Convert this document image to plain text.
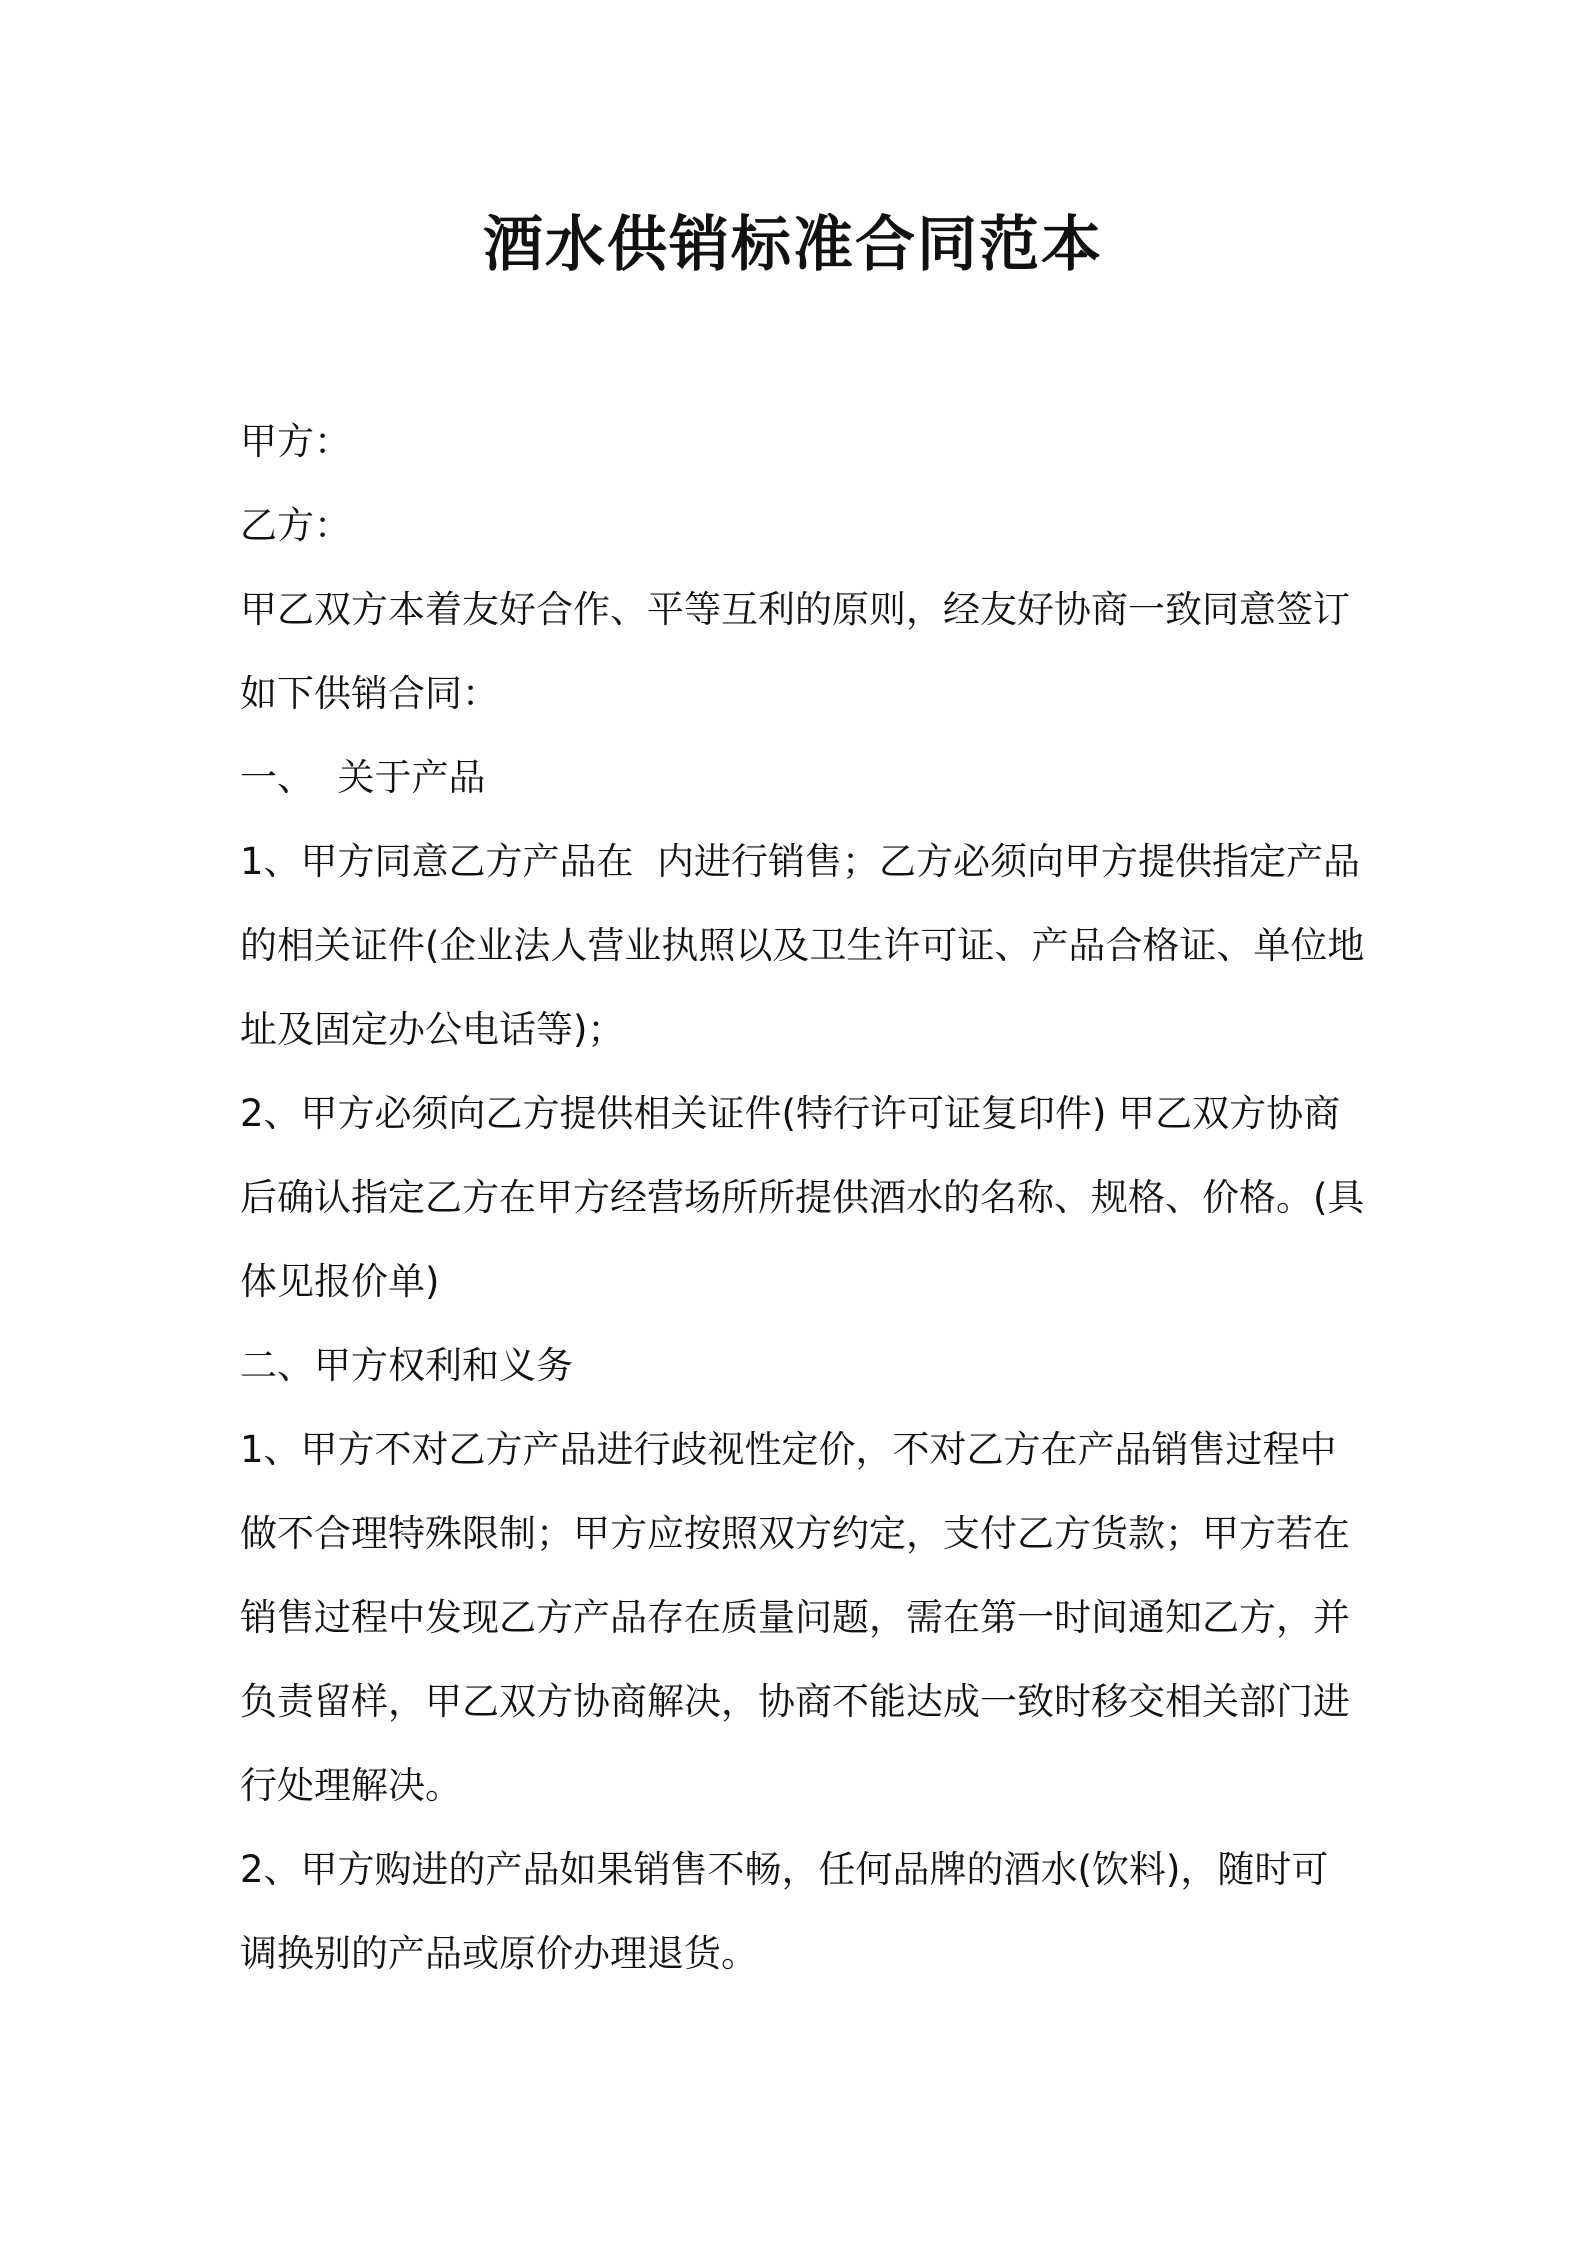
酒水供销标准合同范本

甲方：

乙方：

甲乙双方本着友好合作、平等互利的原则，经友好协商一致同意签订如下供销合同：

一、  关于产品

1、甲方同意乙方产品在  内进行销售；乙方必须向甲方提供指定产品的相关证件(企业法人营业执照以及卫生许可证、产品合格证、单位地址及固定办公电话等)；

2、甲方必须向乙方提供相关证件(特行许可证复印件) 甲乙双方协商后确认指定乙方在甲方经营场所所提供酒水的名称、规格、价格。(具体见报价单)

二、甲方权利和义务

1、甲方不对乙方产品进行歧视性定价，不对乙方在产品销售过程中做不合理特殊限制；甲方应按照双方约定，支付乙方货款；甲方若在销售过程中发现乙方产品存在质量问题，需在第一时间通知乙方，并负责留样，甲乙双方协商解决，协商不能达成一致时移交相关部门进行处理解决。

2、甲方购进的产品如果销售不畅，任何品牌的酒水(饮料)，随时可调换别的产品或原价办理退货。
